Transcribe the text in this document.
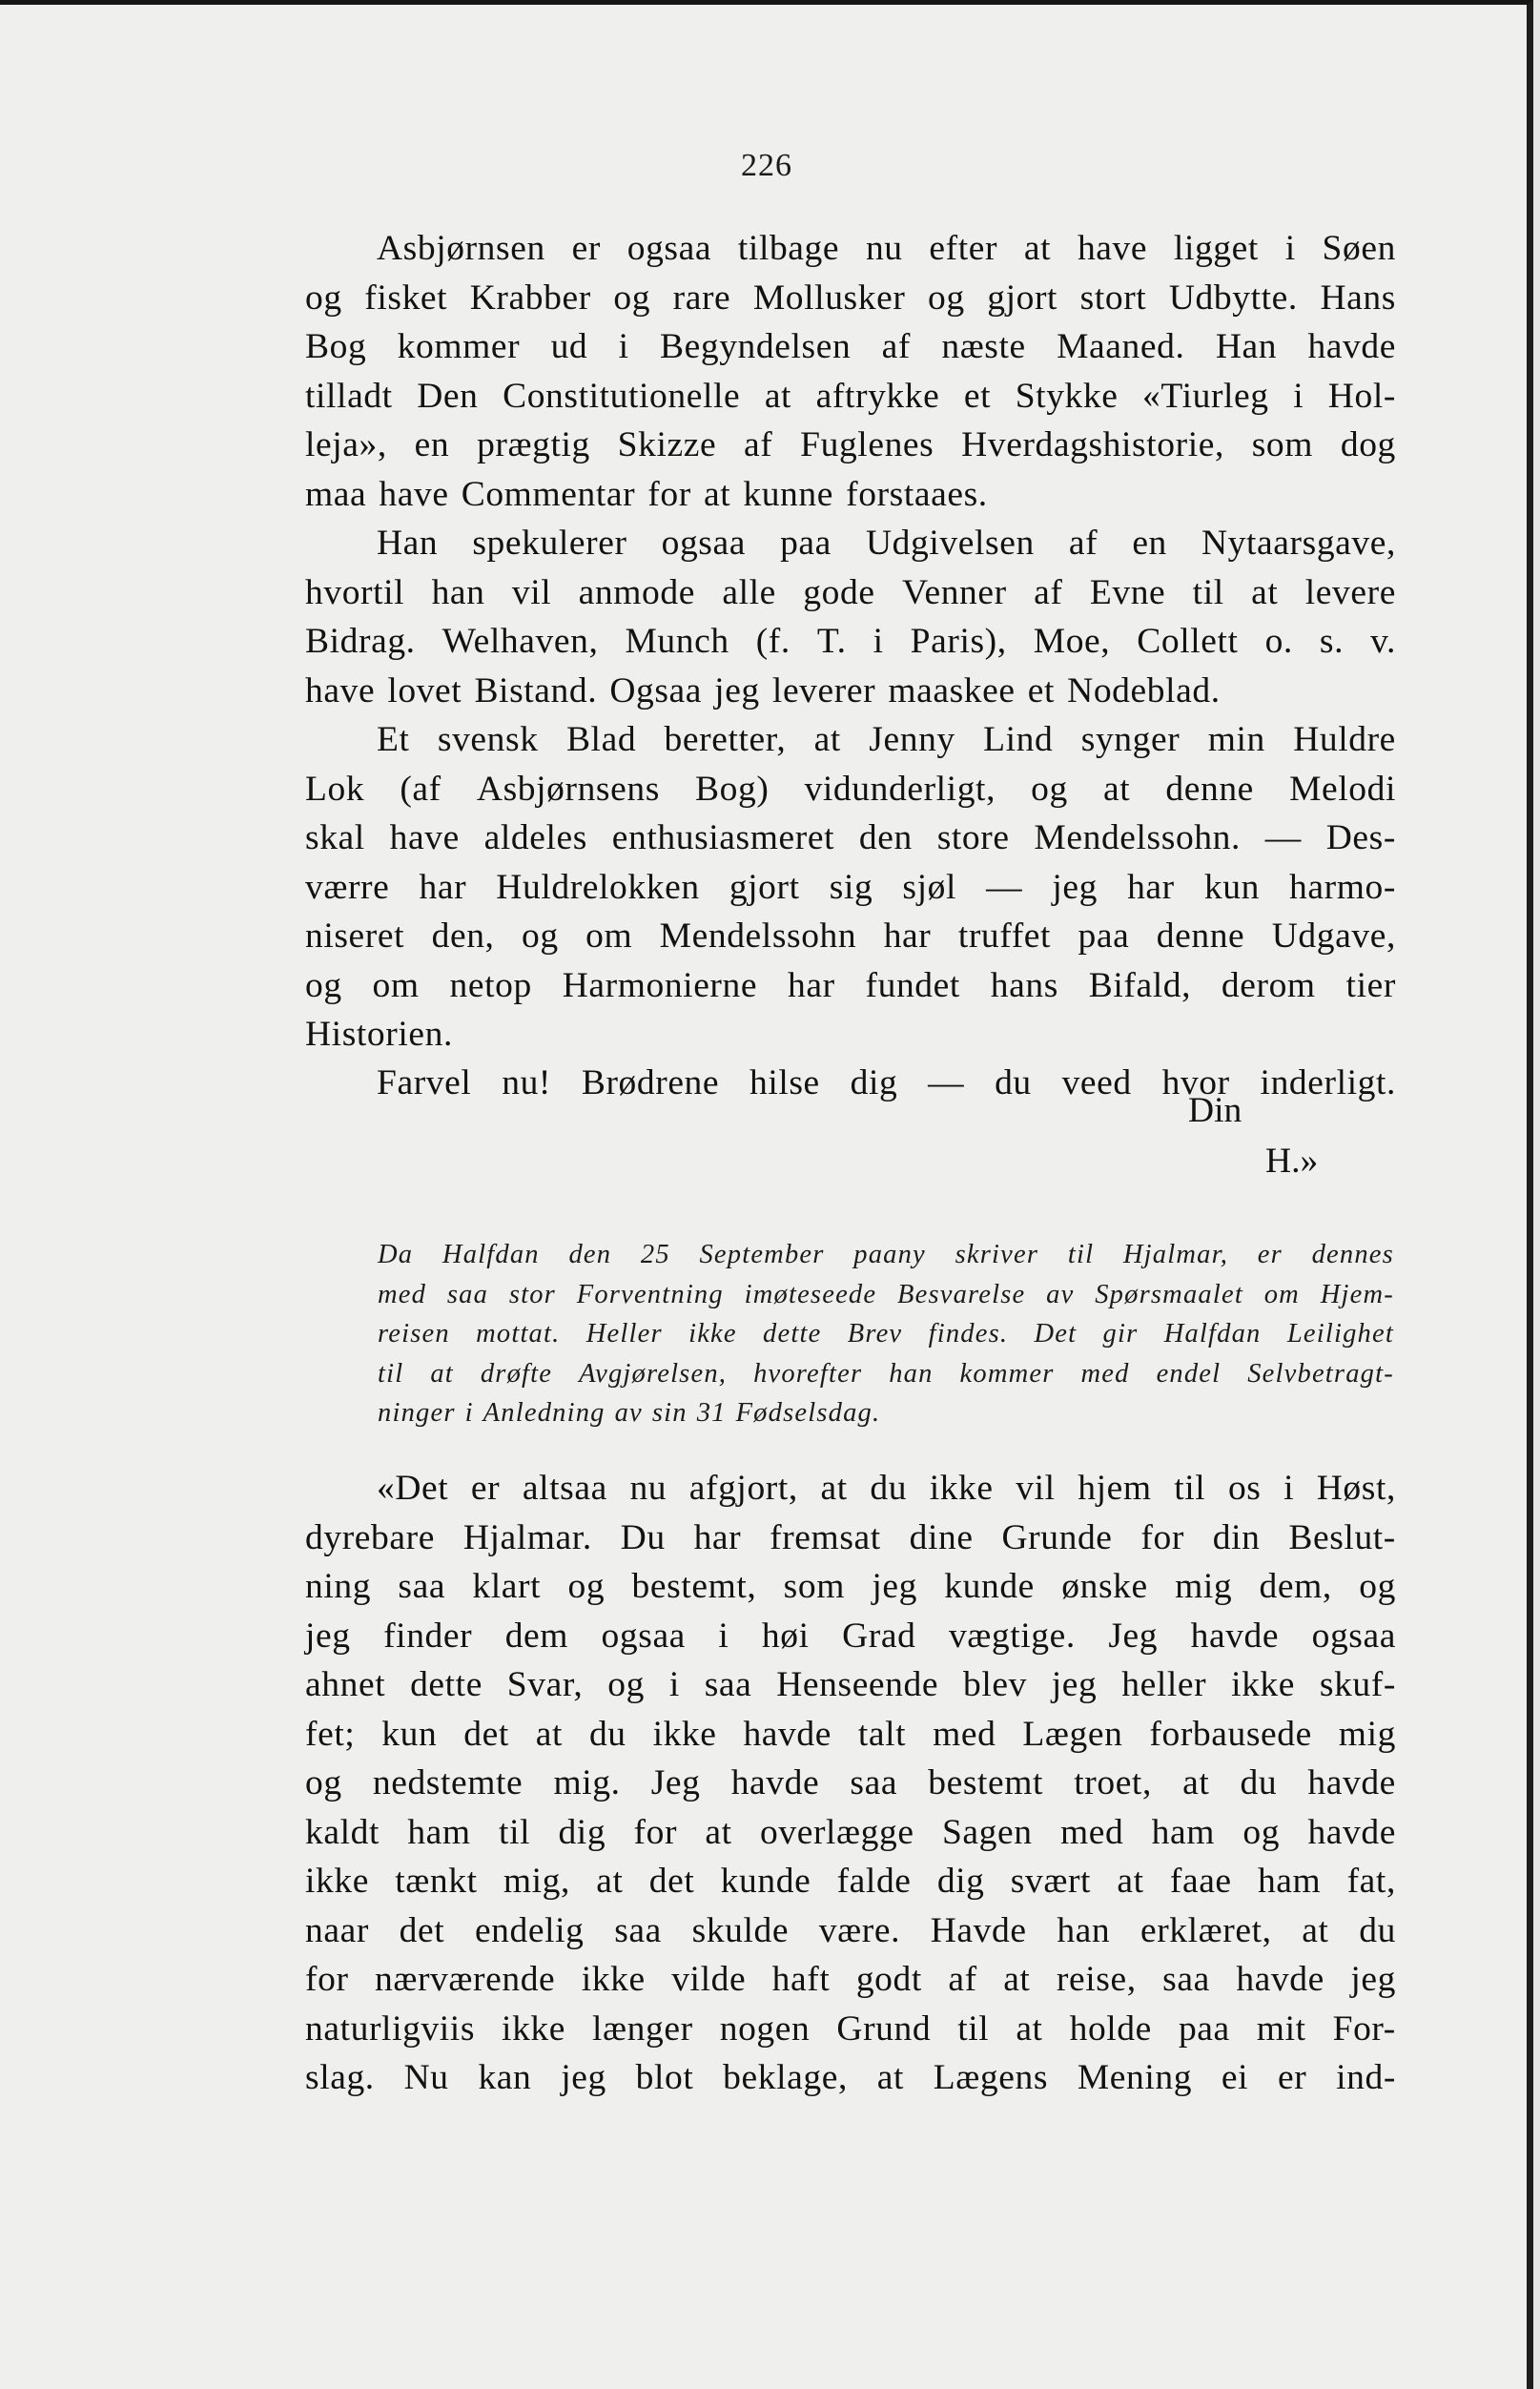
226
Asbjørnsen er ogsaa tilbage nu efter at have ligget i Søen
og fisket Krabber og rare Mollusker og gjort stort Udbytte. Hans
Bog kommer ud i Begyndelsen af næste Maaned. Han havde
tilladt Den Constitutionelle at aftrykke et Stykke «Tiurleg i Hol-
leja», en prægtig Skizze af Fuglenes Hverdagshistorie, som dog
maa have Commentar for at kunne forstaaes.
Han spekulerer ogsaa paa Udgivelsen af en Nytaarsgave,
hvortil han vil anmode alle gode Venner af Evne til at levere
Bidrag. Welhaven, Munch (f. T. i Paris), Moe, Collett o. s. v.
have lovet Bistand. Ogsaa jeg leverer maaskee et Nodeblad.
Et svensk Blad beretter, at Jenny Lind synger min Huldre
Lok (af Asbjørnsens Bog) vidunderligt, og at denne Melodi
skal have aldeles enthusiasmeret den store Mendelssohn. — Des-
værre har Huldrelokken gjort sig sjøl — jeg har kun harmo-
niseret den, og om Mendelssohn har truffet paa denne Udgave,
og om netop Harmonierne har fundet hans Bifald, derom tier
Historien.
Farvel nu! Brødrene hilse dig — du veed hvor inderligt.
Din
H.»
Da Halfdan den 25 September paany skriver til Hjalmar, er dennes
med saa stor Forventning imøteseede Besvarelse av Spørsmaalet om Hjem-
reisen mottat. Heller ikke dette Brev findes. Det gir Halfdan Leilighet
til at drøfte Avgjørelsen, hvorefter han kommer med endel Selvbetragt-
ninger i Anledning av sin 31 Fødselsdag.
«Det er altsaa nu afgjort, at du ikke vil hjem til os i Høst,
dyrebare Hjalmar. Du har fremsat dine Grunde for din Beslut-
ning saa klart og bestemt, som jeg kunde ønske mig dem, og
jeg finder dem ogsaa i høi Grad vægtige. Jeg havde ogsaa
ahnet dette Svar, og i saa Henseende blev jeg heller ikke skuf-
fet; kun det at du ikke havde talt med Lægen forbausede mig
og nedstemte mig. Jeg havde saa bestemt troet, at du havde
kaldt ham til dig for at overlægge Sagen med ham og havde
ikke tænkt mig, at det kunde falde dig svært at faae ham fat,
naar det endelig saa skulde være. Havde han erklæret, at du
for nærværende ikke vilde haft godt af at reise, saa havde jeg
naturligviis ikke længer nogen Grund til at holde paa mit For-
slag. Nu kan jeg blot beklage, at Lægens Mening ei er ind-
